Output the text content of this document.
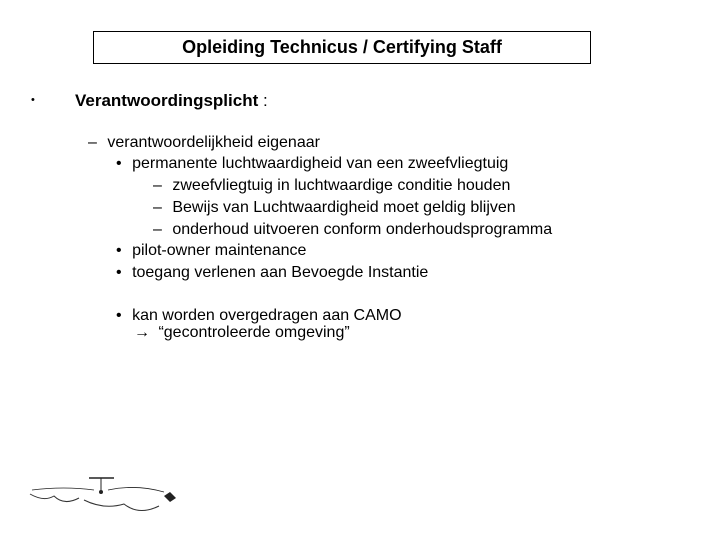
Opleiding Technicus / Certifying Staff
• Verantwoordingsplicht :
– verantwoordelijkheid eigenaar
• permanente luchtwaardigheid van een zweefvliegtuig
– zweefvliegtuig in luchtwaardige conditie houden
– Bewijs van Luchtwaardigheid moet geldig blijven
– onderhoud uitvoeren conform onderhoudsprogramma
• pilot-owner maintenance
• toegang verlenen aan Bevoegde Instantie
• kan worden overgedragen aan CAMO
→ “gecontroleerde omgeving”
